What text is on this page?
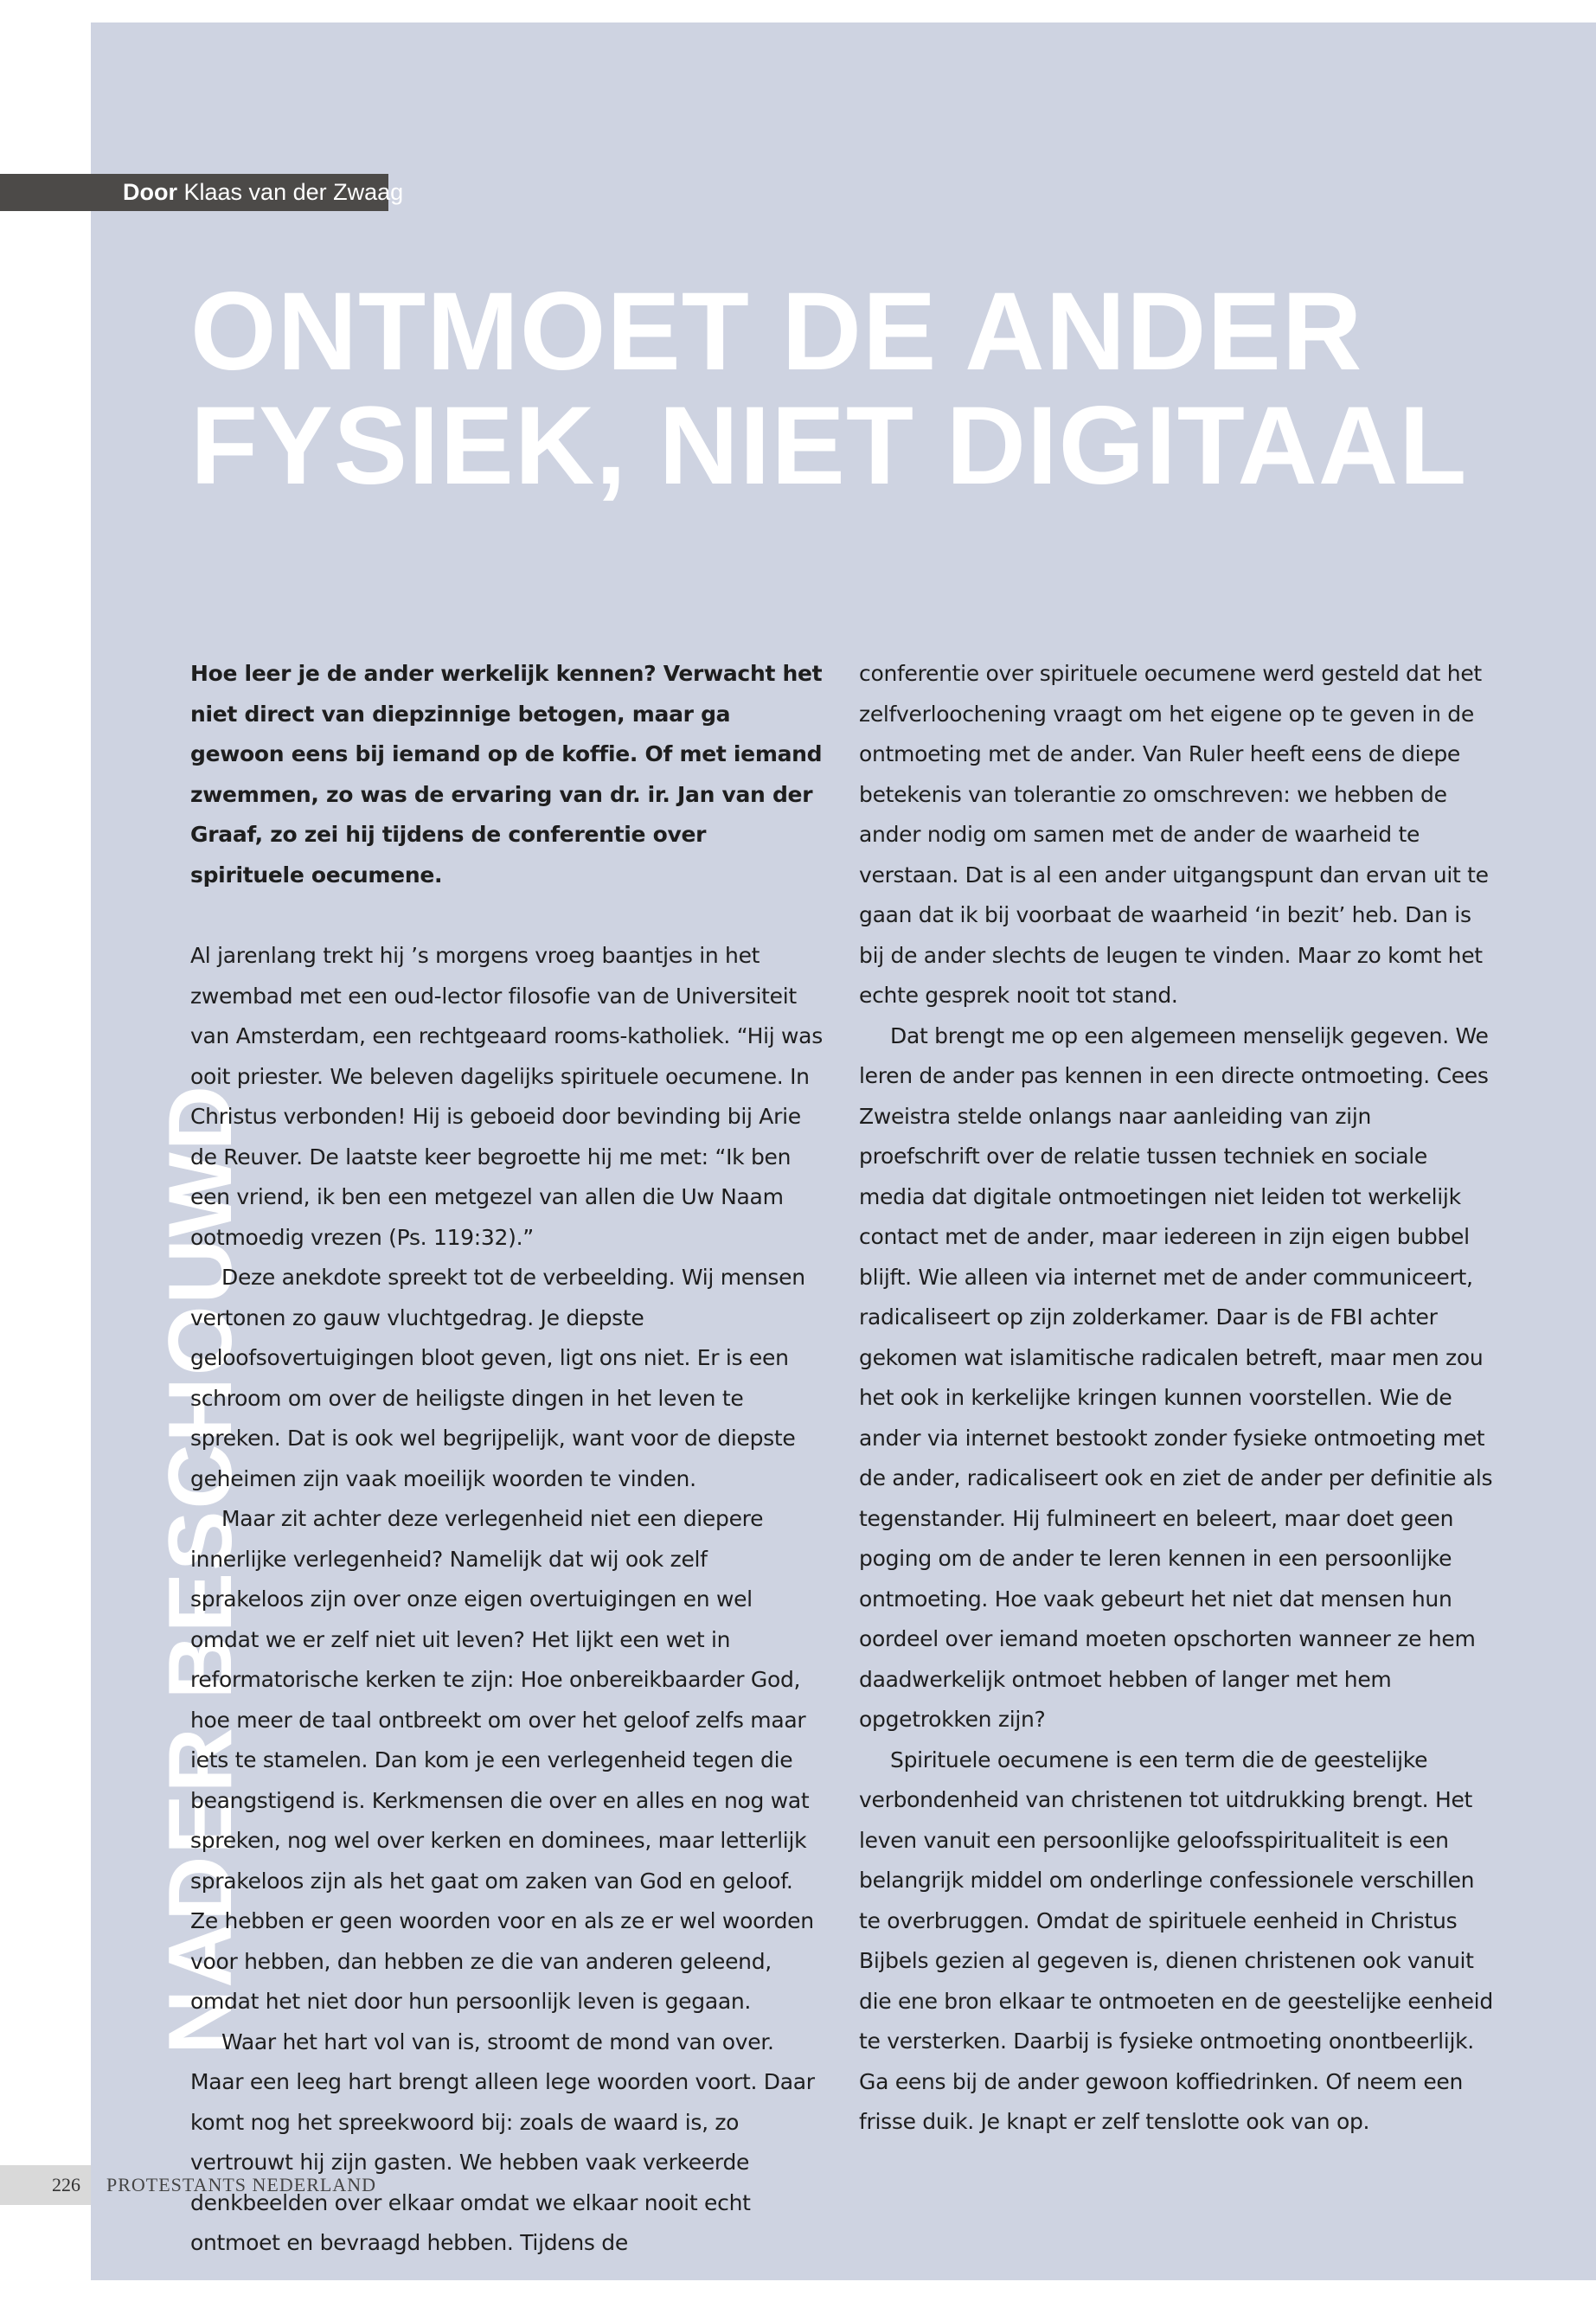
Door Klaas van der Zwaag
ONTMOET DE ANDER
FYSIEK, NIET DIGITAAL
NADER BESCHOUWD

Hoe leer je de ander werkelijk kennen? Verwacht het niet direct van diepzinnige betogen, maar ga gewoon eens bij iemand op de koffie. Of met iemand zwemmen, zo was de ervaring van dr. ir. Jan van der Graaf, zo zei hij tijdens de conferentie over spirituele oecumene.

Al jarenlang trekt hij ’s morgens vroeg baantjes in het zwembad met een oud-lector filosofie van de Universiteit van Amsterdam, een rechtgeaard rooms-katholiek. “Hij was ooit priester. We beleven dagelijks spirituele oecumene. In Christus verbonden! Hij is geboeid door bevinding bij Arie de Reuver. De laatste keer begroette hij me met: “Ik ben een vriend, ik ben een metgezel van allen die Uw Naam ootmoedig vrezen (Ps. 119:32).”

Deze anekdote spreekt tot de verbeelding. Wij mensen vertonen zo gauw vluchtgedrag. Je diepste geloofsovertuigingen bloot geven, ligt ons niet. Er is een schroom om over de heiligste dingen in het leven te spreken. Dat is ook wel begrijpelijk, want voor de diepste geheimen zijn vaak moeilijk woorden te vinden.

Maar zit achter deze verlegenheid niet een diepere innerlijke verlegenheid? Namelijk dat wij ook zelf sprakeloos zijn over onze eigen overtuigingen en wel omdat we er zelf niet uit leven? Het lijkt een wet in reformatorische kerken te zijn: Hoe onbereikbaarder God, hoe meer de taal ontbreekt om over het geloof zelfs maar iets te stamelen. Dan kom je een verlegenheid tegen die beangstigend is. Kerkmensen die over en alles en nog wat spreken, nog wel over kerken en dominees, maar letterlijk sprakeloos zijn als het gaat om zaken van God en geloof. Ze hebben er geen woorden voor en als ze er wel woorden voor hebben, dan hebben ze die van anderen geleend, omdat het niet door hun persoonlijk leven is gegaan.

Waar het hart vol van is, stroomt de mond van over. Maar een leeg hart brengt alleen lege woorden voort. Daar komt nog het spreekwoord bij: zoals de waard is, zo vertrouwt hij zijn gasten. We hebben vaak verkeerde denkbeelden over elkaar omdat we elkaar nooit echt ontmoet en bevraagd hebben. Tijdens de

conferentie over spirituele oecumene werd gesteld dat het zelfverloochening vraagt om het eigene op te geven in de ontmoeting met de ander. Van Ruler heeft eens de diepe betekenis van tolerantie zo omschreven: we hebben de ander nodig om samen met de ander de waarheid te verstaan. Dat is al een ander uitgangspunt dan ervan uit te gaan dat ik bij voorbaat de waarheid ‘in bezit’ heb. Dan is bij de ander slechts de leugen te vinden. Maar zo komt het echte gesprek nooit tot stand.

Dat brengt me op een algemeen menselijk gegeven. We leren de ander pas kennen in een directe ontmoeting. Cees Zweistra stelde onlangs naar aanleiding van zijn proefschrift over de relatie tussen techniek en sociale media dat digitale ontmoetingen niet leiden tot werkelijk contact met de ander, maar iedereen in zijn eigen bubbel blijft. Wie alleen via internet met de ander communiceert, radicaliseert op zijn zolderkamer. Daar is de FBI achter gekomen wat islamitische radicalen betreft, maar men zou het ook in kerkelijke kringen kunnen voorstellen. Wie de ander via internet bestookt zonder fysieke ontmoeting met de ander, radicaliseert ook en ziet de ander per definitie als tegenstander. Hij fulmineert en beleert, maar doet geen poging om de ander te leren kennen in een persoonlijke ontmoeting. Hoe vaak gebeurt het niet dat mensen hun oordeel over iemand moeten opschorten wanneer ze hem daadwerkelijk ontmoet hebben of langer met hem opgetrokken zijn?

Spirituele oecumene is een term die de geestelijke verbondenheid van christenen tot uitdrukking brengt. Het leven vanuit een persoonlijke geloofsspiritualiteit is een belangrijk middel om onderlinge confessionele verschillen te overbruggen. Omdat de spirituele eenheid in Christus Bijbels gezien al gegeven is, dienen christenen ook vanuit die ene bron elkaar te ontmoeten en de geestelijke eenheid te versterken. Daarbij is fysieke ontmoeting onontbeerlijk. Ga eens bij de ander gewoon koffiedrinken. Of neem een frisse duik. Je knapt er zelf tenslotte ook van op.

226 PROTESTANTS NEDERLAND
